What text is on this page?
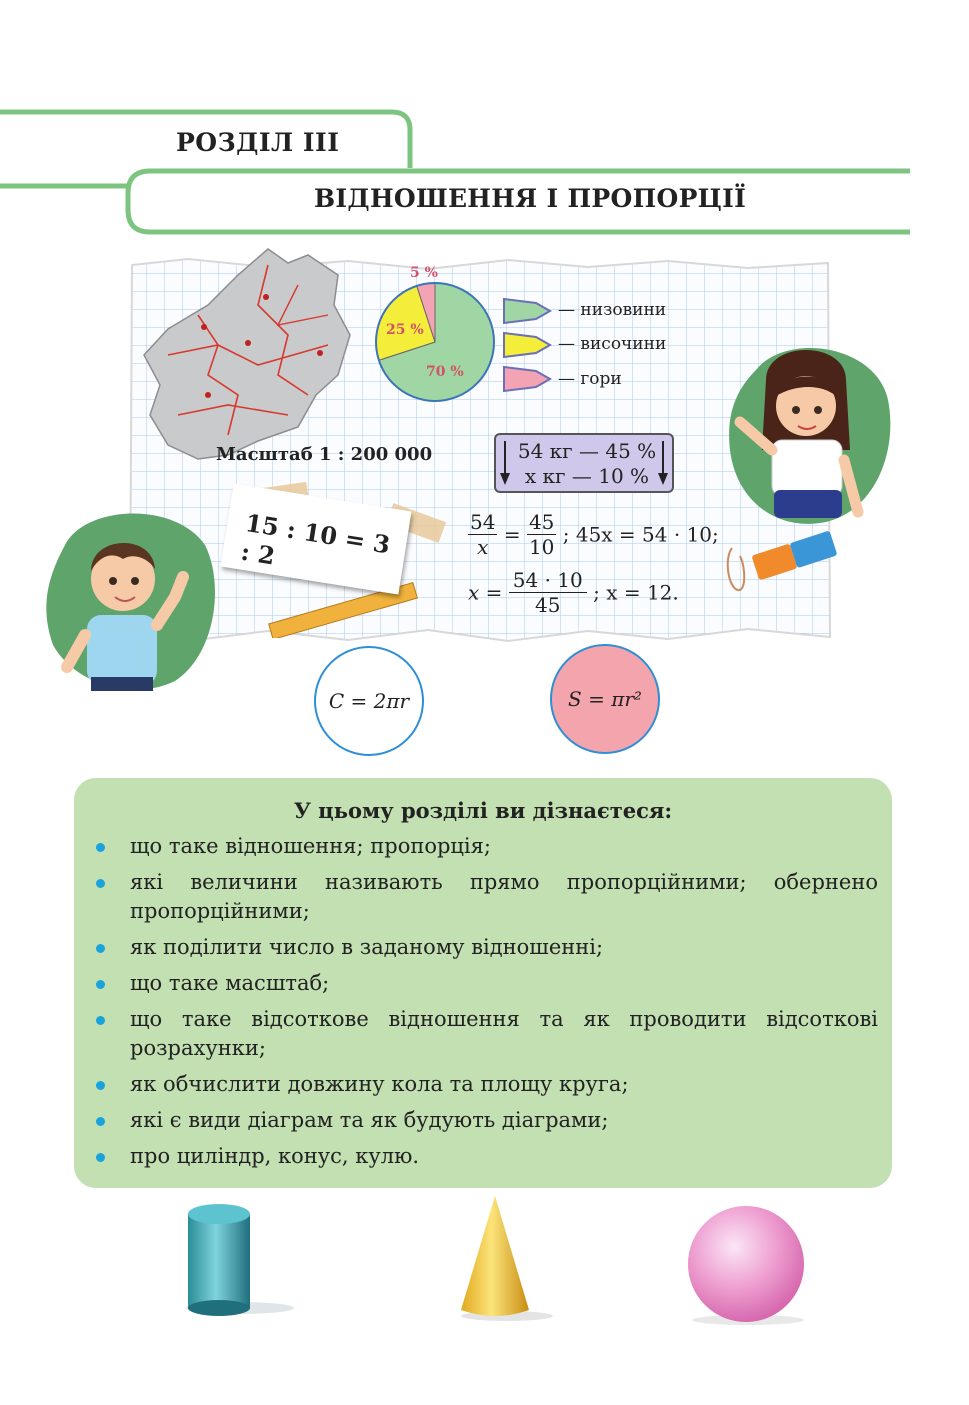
РОЗДІЛ III
ВІДНОШЕННЯ І ПРОПОРЦІЇ
Масштаб 1 : 200 000
5 %
25 %
70 %
— низовини
— височини
— гори
54 кг — 45 %
x кг — 10 %
$\frac{54}{x} = \frac{45}{10}$ ; 45x = 54 · 10;
$x = \frac{54 \cdot 10}{45}$ ; x = 12.
15 : 10 = 3 : 2
C = 2πr	S = πr²
У цьому розділі ви дізнаєтеся:
що таке відношення; пропорція;
які величини називають прямо пропорційними; обернено пропорційними;
як поділити число в заданому відношенні;
що таке масштаб;
що таке відсоткове відношення та як проводити відсоткові розрахунки;
як обчислити довжину кола та площу круга;
які є види діаграм та як будують діаграми;
про циліндр, конус, кулю.
